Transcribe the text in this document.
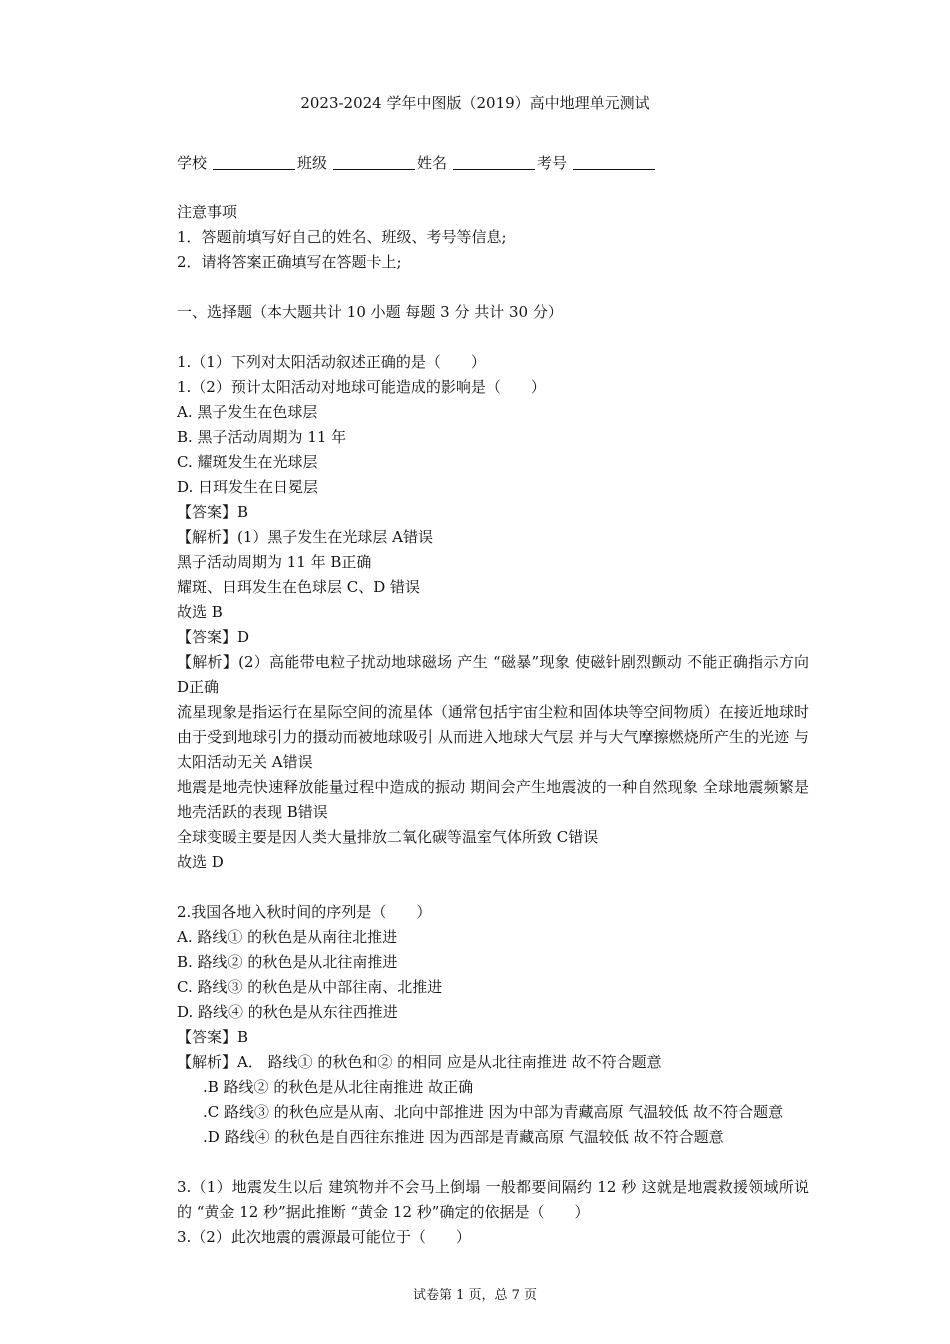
2023-2024 学年中图版（2019）高中地理单元测试
学校	班级	姓名	考号
注意事项
1．答题前填写好自己的姓名、班级、考号等信息;
2．请将答案正确填写在答题卡上;
一、选择题（本大题共计 10 小题 每题 3 分 共计 30 分）
1.（1）下列对太阳活动叙述正确的是（　　）
1.（2）预计太阳活动对地球可能造成的影响是（　　）
A. 黑子发生在色球层
B. 黑子活动周期为 11 年
C. 耀斑发生在光球层
D. 日珥发生在日冕层
【答案】B
【解析】(1）黑子发生在光球层 A错误
黑子活动周期为 11 年 B正确
耀斑、日珥发生在色球层 C、D 错误
故选 B
【答案】D
【解析】(2）高能带电粒子扰动地球磁场 产生 “磁暴”现象 使磁针剧烈颤动 不能正确指示方向 D正确
流星现象是指运行在星际空间的流星体（通常包括宇宙尘粒和固体块等空间物质）在接近地球时由于受到地球引力的摄动而被地球吸引 从而进入地球大气层 并与大气摩擦燃烧所产生的光迹 与太阳活动无关 A错误
地震是地壳快速释放能量过程中造成的振动 期间会产生地震波的一种自然现象 全球地震频繁是地壳活跃的表现 B错误
全球变暖主要是因人类大量排放二氧化碳等温室气体所致 C错误
故选 D
2.我国各地入秋时间的序列是（　　）
A. 路线① 的秋色是从南往北推进
B. 路线② 的秋色是从北往南推进
C. 路线③ 的秋色是从中部往南、北推进
D. 路线④ 的秋色是从东往西推进
【答案】B
【解析】A． 路线① 的秋色和② 的相同 应是从北往南推进 故不符合题意
.B 路线② 的秋色是从北往南推进 故正确
.C 路线③ 的秋色应是从南、北向中部推进 因为中部为青藏高原 气温较低 故不符合题意
.D 路线④ 的秋色是自西往东推进 因为西部是青藏高原 气温较低 故不符合题意
3.（1）地震发生以后 建筑物并不会马上倒塌 一般都要间隔约 12 秒 这就是地震救援领域所说的 “黄金 12 秒”据此推断 “黄金 12 秒”确定的依据是（　　）
3.（2）此次地震的震源最可能位于（　　）
试卷第 1 页，总 7 页
